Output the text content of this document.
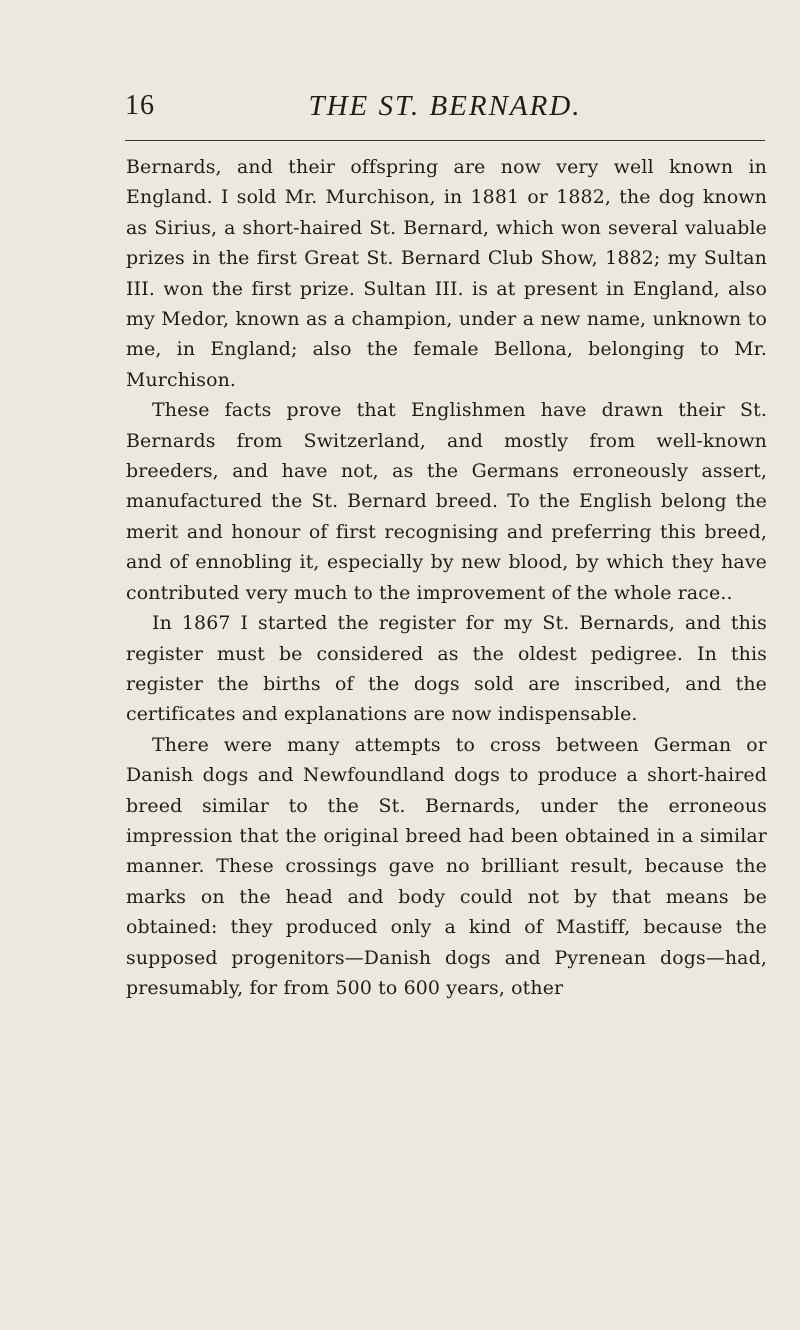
16	THE ST. BERNARD.

Bernards, and their offspring are now very well known in England. I sold Mr. Murchison, in 1881 or 1882, the dog known as Sirius, a short-haired St. Bernard, which won several valuable prizes in the first Great St. Bernard Club Show, 1882; my Sultan III. won the first prize. Sultan III. is at present in England, also my Medor, known as a champion, under a new name, unknown to me, in England; also the female Bellona, belonging to Mr. Murchison.

These facts prove that Englishmen have drawn their St. Bernards from Switzerland, and mostly from well-known breeders, and have not, as the Germans erroneously assert, manufactured the St. Bernard breed. To the English belong the merit and honour of first recognising and preferring this breed, and of ennobling it, especially by new blood, by which they have contributed very much to the improvement of the whole race..

In 1867 I started the register for my St. Bernards, and this register must be considered as the oldest pedigree. In this register the births of the dogs sold are inscribed, and the certificates and explanations are now indispensable.

There were many attempts to cross between German or Danish dogs and Newfoundland dogs to produce a short-haired breed similar to the St. Bernards, under the erroneous impression that the original breed had been obtained in a similar manner. These crossings gave no brilliant result, because the marks on the head and body could not by that means be obtained: they produced only a kind of Mastiff, because the supposed progenitors—Danish dogs and Pyrenean dogs—had, presumably, for from 500 to 600 years, other
